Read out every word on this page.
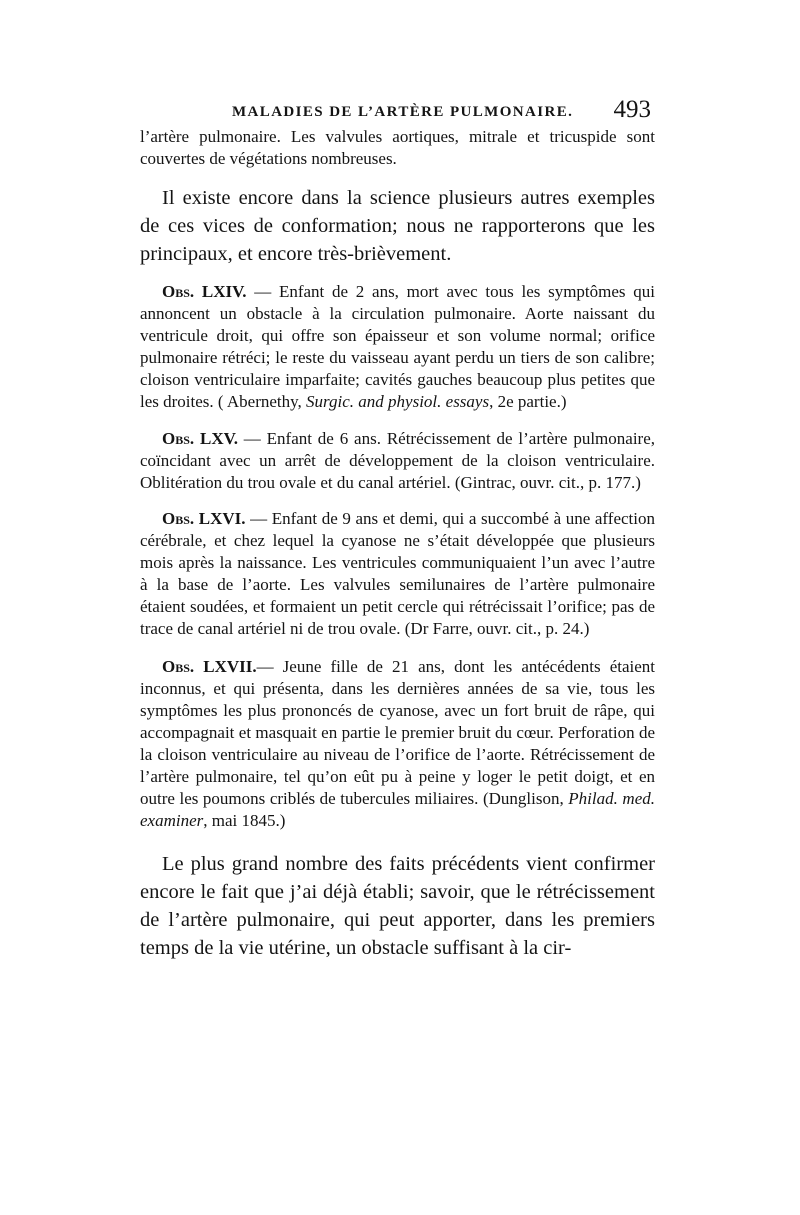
MALADIES DE L’ARTÈRE PULMONAIRE. 493

l’artère pulmonaire. Les valvules aortiques, mitrale et tricuspide sont couvertes de végétations nombreuses.

Il existe encore dans la science plusieurs autres exemples de ces vices de conformation; nous ne rapporterons que les principaux, et encore très-brièvement.

Obs. LXIV. — Enfant de 2 ans, mort avec tous les symptômes qui annoncent un obstacle à la circulation pulmonaire. Aorte naissant du ventricule droit, qui offre son épaisseur et son volume normal; orifice pulmonaire rétréci; le reste du vaisseau ayant perdu un tiers de son calibre; cloison ventriculaire imparfaite; cavités gauches beaucoup plus petites que les droites. ( Abernethy, Surgic. and physiol. essays, 2e partie.)

Obs. LXV. — Enfant de 6 ans. Rétrécissement de l’artère pulmonaire, coïncidant avec un arrêt de développement de la cloison ventriculaire. Oblitération du trou ovale et du canal artériel. (Gintrac, ouvr. cit., p. 177.)

Obs. LXVI. — Enfant de 9 ans et demi, qui a succombé à une affection cérébrale, et chez lequel la cyanose ne s’était développée que plusieurs mois après la naissance. Les ventricules communiquaient l’un avec l’autre à la base de l’aorte. Les valvules semilunaires de l’artère pulmonaire étaient soudées, et formaient un petit cercle qui rétrécissait l’orifice; pas de trace de canal artériel ni de trou ovale. (Dr Farre, ouvr. cit., p. 24.)

Obs. LXVII.— Jeune fille de 21 ans, dont les antécédents étaient inconnus, et qui présenta, dans les dernières années de sa vie, tous les symptômes les plus prononcés de cyanose, avec un fort bruit de râpe, qui accompagnait et masquait en partie le premier bruit du cœur. Perforation de la cloison ventriculaire au niveau de l’orifice de l’aorte. Rétrécissement de l’artère pulmonaire, tel qu’on eût pu à peine y loger le petit doigt, et en outre les poumons criblés de tubercules miliaires. (Dunglison, Philad. med. examiner, mai 1845.)

Le plus grand nombre des faits précédents vient confirmer encore le fait que j’ai déjà établi; savoir, que le rétrécissement de l’artère pulmonaire, qui peut apporter, dans les premiers temps de la vie utérine, un obstacle suffisant à la cir-
